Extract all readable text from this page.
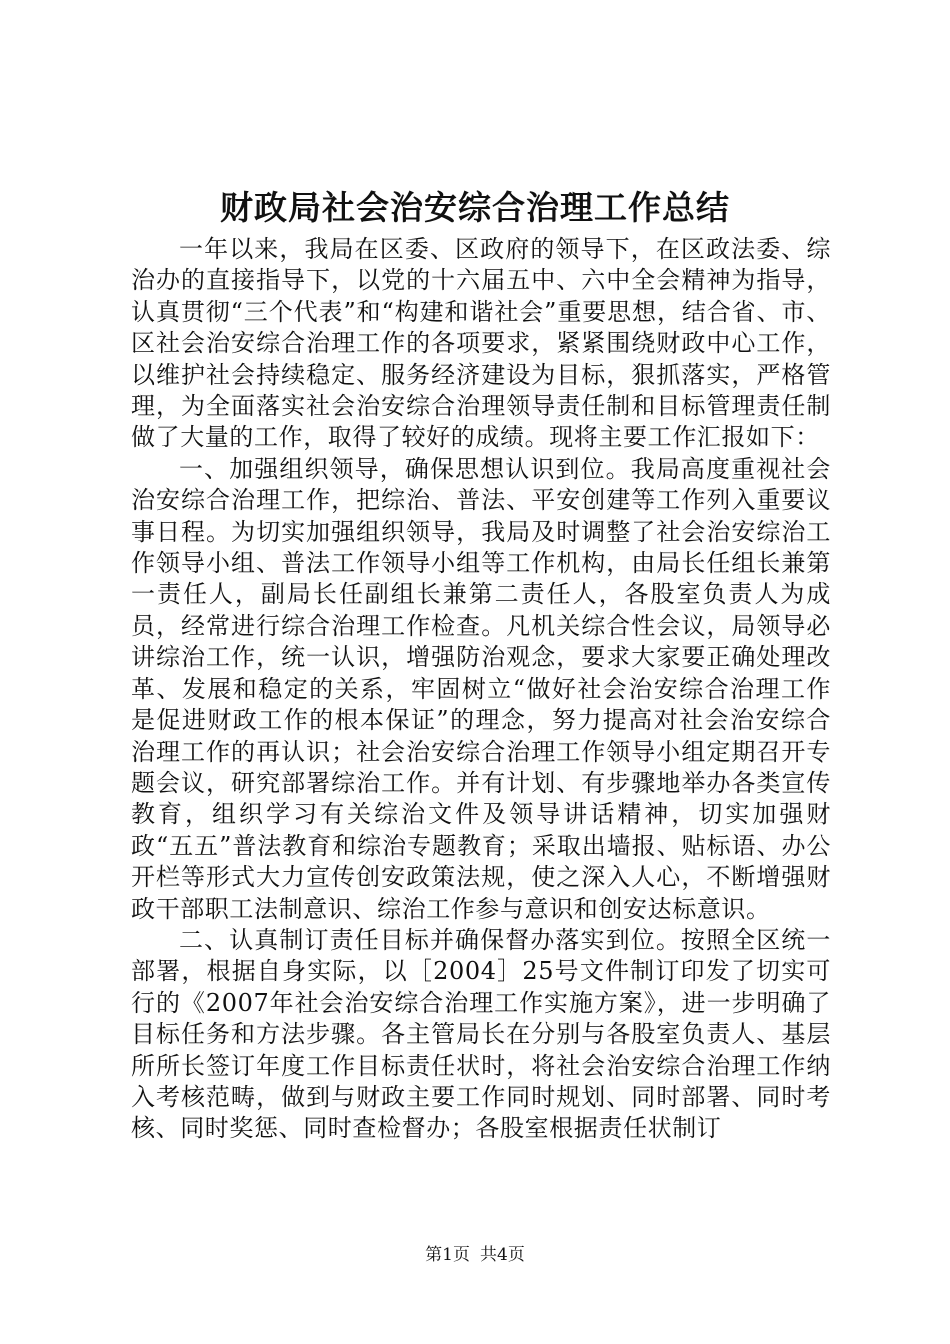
财政局社会治安综合治理工作总结

一年以来，我局在区委、区政府的领导下，在区政法委、综治办的直接指导下，以党的十六届五中、六中全会精神为指导，认真贯彻“三个代表”和“构建和谐社会”重要思想，结合省、市、区社会治安综合治理工作的各项要求，紧紧围绕财政中心工作，以维护社会持续稳定、服务经济建设为目标，狠抓落实，严格管理，为全面落实社会治安综合治理领导责任制和目标管理责任制做了大量的工作，取得了较好的成绩。现将主要工作汇报如下：

一、加强组织领导，确保思想认识到位。我局高度重视社会治安综合治理工作，把综治、普法、平安创建等工作列入重要议事日程。为切实加强组织领导，我局及时调整了社会治安综治工作领导小组、普法工作领导小组等工作机构，由局长任组长兼第一责任人，副局长任副组长兼第二责任人，各股室负责人为成员，经常进行综合治理工作检查。凡机关综合性会议，局领导必讲综治工作，统一认识，增强防治观念，要求大家要正确处理改革、发展和稳定的关系，牢固树立“做好社会治安综合治理工作是促进财政工作的根本保证”的理念，努力提高对社会治安综合治理工作的再认识；社会治安综合治理工作领导小组定期召开专题会议，研究部署综治工作。并有计划、有步骤地举办各类宣传教育，组织学习有关综治文件及领导讲话精神，切实加强财政“五五”普法教育和综治专题教育；采取出墙报、贴标语、办公开栏等形式大力宣传创安政策法规，使之深入人心，不断增强财政干部职工法制意识、综治工作参与意识和创安达标意识。

二、认真制订责任目标并确保督办落实到位。按照全区统一部署，根据自身实际，以［2004］25号文件制订印发了切实可行的《2007年社会治安综合治理工作实施方案》，进一步明确了目标任务和方法步骤。各主管局长在分别与各股室负责人、基层所所长签订年度工作目标责任状时，将社会治安综合治理工作纳入考核范畴，做到与财政主要工作同时规划、同时部署、同时考核、同时奖惩、同时查检督办；各股室根据责任状制订

第1页 共4页
